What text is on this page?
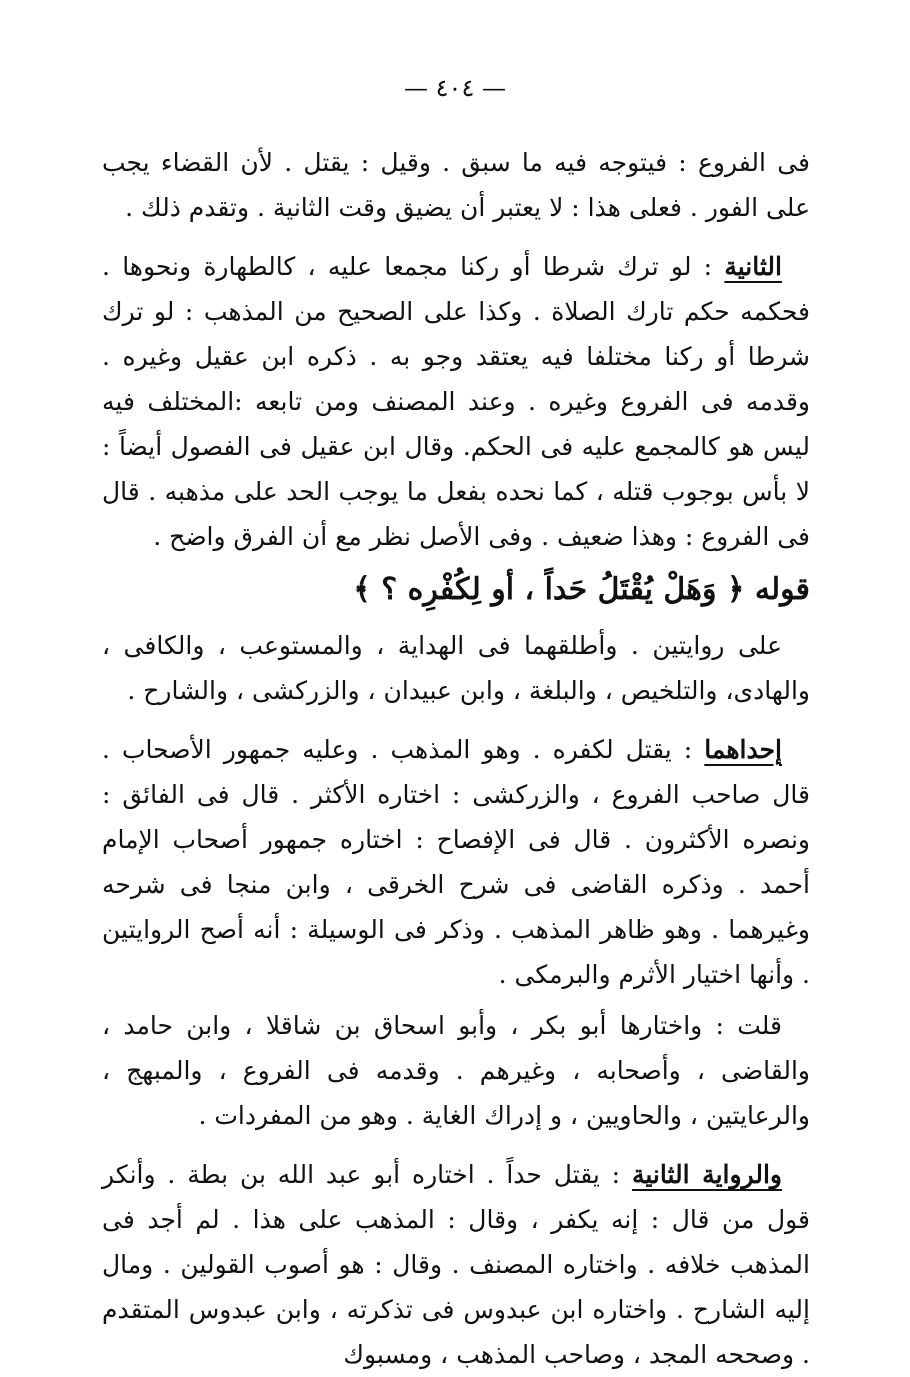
— ٤٠٤ —

فى الفروع : فيتوجه فيه ما سبق . وقيل : يقتل . لأن القضاء يجب على الفور . فعلى هذا : لا يعتبر أن يضيق وقت الثانية . وتقدم ذلك .

الثانية : لو ترك شرطا أو ركنا مجمعا عليه ، كالطهارة ونحوها . فحكمه حكم تارك الصلاة . وكذا على الصحيح من المذهب : لو ترك شرطا أو ركنا مختلفا فيه يعتقد وجو به . ذكره ابن عقيل وغيره . وقدمه فى الفروع وغيره . وعند المصنف ومن تابعه :المختلف فيه ليس هو كالمجمع عليه فى الحكم. وقال ابن عقيل فى الفصول أيضاً : لا بأس بوجوب قتله ، كما نحده بفعل ما يوجب الحد على مذهبه . قال فى الفروع : وهذا ضعيف . وفى الأصل نظر مع أن الفرق واضح .

قوله ﴿ وَهَلْ يُقْتَلُ حَداً ، أو لِكُفْرِه ؟ ﴾

على روايتين . وأطلقهما فى الهداية ، والمستوعب ، والكافى ، والهادى، والتلخيص ، والبلغة ، وابن عبيدان ، والزركشى ، والشارح .

إحداهما : يقتل لكفره . وهو المذهب . وعليه جمهور الأصحاب . قال صاحب الفروع ، والزركشى : اختاره الأكثر . قال فى الفائق : ونصره الأكثرون . قال فى الإفصاح : اختاره جمهور أصحاب الإمام أحمد . وذكره القاضى فى شرح الخرقى ، وابن منجا فى شرحه وغيرهما . وهو ظاهر المذهب . وذكر فى الوسيلة : أنه أصح الروايتين . وأنها اختيار الأثرم والبرمكى .

قلت : واختارها أبو بكر ، وأبو اسحاق بن شاقلا ، وابن حامد ، والقاضى ، وأصحابه ، وغيرهم . وقدمه فى الفروع ، والمبهج ، والرعايتين ، والحاويين ، و إدراك الغاية . وهو من المفردات .

والرواية الثانية : يقتل حداً . اختاره أبو عبد الله بن بطة . وأنكر قول من قال : إنه يكفر ، وقال : المذهب على هذا . لم أجد فى المذهب خلافه . واختاره المصنف . وقال : هو أصوب القولين . ومال إليه الشارح . واختاره ابن عبدوس فى تذكرته ، وابن عبدوس المتقدم . وصححه المجد ، وصاحب المذهب ، ومسبوك
